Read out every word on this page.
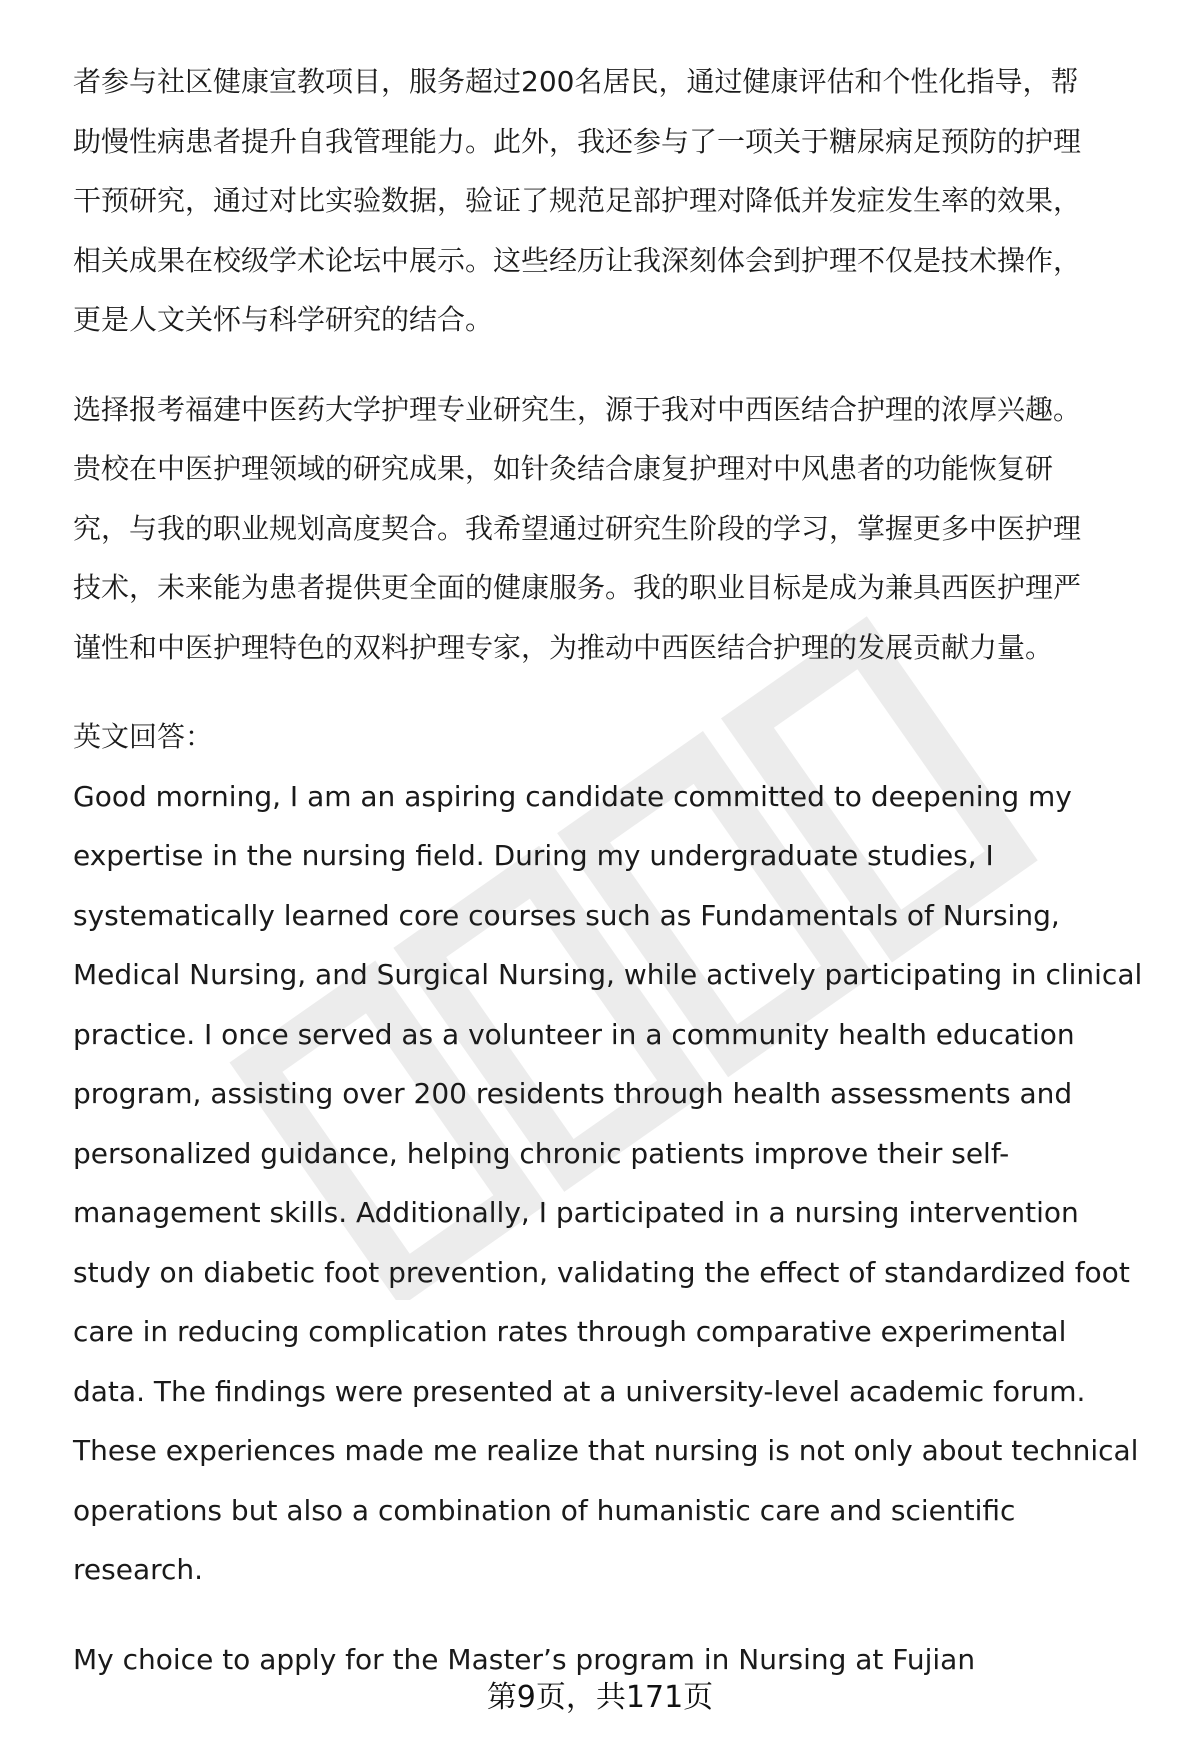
者参与社区健康宣教项目，服务超过200名居民，通过健康评估和个性化指导，帮
助慢性病患者提升自我管理能力。此外，我还参与了一项关于糖尿病足预防的护理
干预研究，通过对比实验数据，验证了规范足部护理对降低并发症发生率的效果，
相关成果在校级学术论坛中展示。这些经历让我深刻体会到护理不仅是技术操作，
更是人文关怀与科学研究的结合。
选择报考福建中医药大学护理专业研究生，源于我对中西医结合护理的浓厚兴趣。
贵校在中医护理领域的研究成果，如针灸结合康复护理对中风患者的功能恢复研
究，与我的职业规划高度契合。我希望通过研究生阶段的学习，掌握更多中医护理
技术，未来能为患者提供更全面的健康服务。我的职业目标是成为兼具西医护理严
谨性和中医护理特色的双料护理专家，为推动中西医结合护理的发展贡献力量。
英文回答：
Good morning, I am an aspiring candidate committed to deepening my
expertise in the nursing field. During my undergraduate studies, I
systematically learned core courses such as Fundamentals of Nursing,
Medical Nursing, and Surgical Nursing, while actively participating in clinical
practice. I once served as a volunteer in a community health education
program, assisting over 200 residents through health assessments and
personalized guidance, helping chronic patients improve their self-
management skills. Additionally, I participated in a nursing intervention
study on diabetic foot prevention, validating the effect of standardized foot
care in reducing complication rates through comparative experimental
data. The findings were presented at a university-level academic forum.
These experiences made me realize that nursing is not only about technical
operations but also a combination of humanistic care and scientific
research.
My choice to apply for the Master’s program in Nursing at Fujian
第9页，共171页
